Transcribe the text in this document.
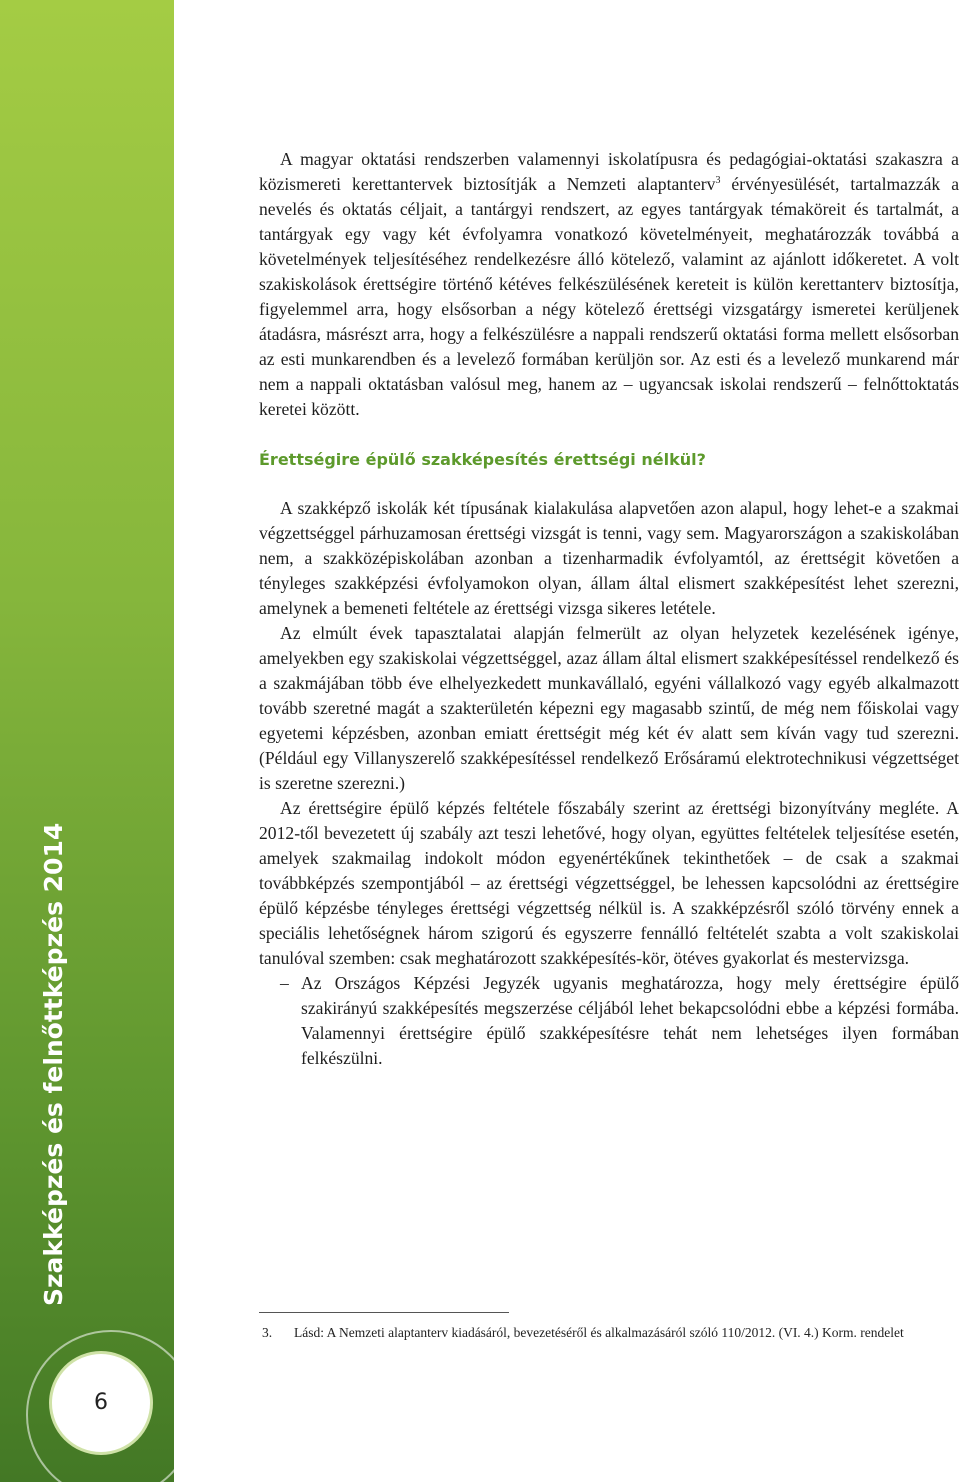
Szakképzés és felnőttképzés 2014
6

A magyar oktatási rendszerben valamennyi iskolatípusra és pedagógiai-oktatási szakaszra a közismereti kerettantervek biztosítják a Nemzeti alaptanterv$^3$ érvényesülését, tartalmazzák a nevelés és oktatás céljait, a tantárgyi rendszert, az egyes tantárgyak témaköreit és tartalmát, a tantárgyak egy vagy két évfolyamra vonatkozó követelményeit, meghatározzák továbbá a követelmények teljesítéséhez rendelkezésre álló kötelező, valamint az ajánlott időkeretet. A volt szakiskolások érettségire történő kétéves felkészülésének kereteit is külön kerettanterv biztosítja, figyelemmel arra, hogy elsősorban a négy kötelező érettségi vizsgatárgy ismeretei kerüljenek átadásra, másrészt arra, hogy a felkészülésre a nappali rendszerű oktatási forma mellett elsősorban az esti munkarendben és a levelező formában kerüljön sor. Az esti és a levelező munkarend már nem a nappali oktatásban valósul meg, hanem az – ugyancsak iskolai rendszerű – felnőttoktatás keretei között.

Érettségire épülő szakképesítés érettségi nélkül?

A szakképző iskolák két típusának kialakulása alapvetően azon alapul, hogy lehet-e a szakmai végzettséggel párhuzamosan érettségi vizsgát is tenni, vagy sem. Magyarországon a szakiskolában nem, a szakközépiskolában azonban a tizenharmadik évfolyamtól, az érettségit követően a tényleges szakképzési évfolyamokon olyan, állam által elismert szakképesítést lehet szerezni, amelynek a bemeneti feltétele az érettségi vizsga sikeres letétele.

Az elmúlt évek tapasztalatai alapján felmerült az olyan helyzetek kezelésének igénye, amelyekben egy szakiskolai végzettséggel, azaz állam által elismert szakképesítéssel rendelkező és a szakmájában több éve elhelyezkedett munkavállaló, egyéni vállalkozó vagy egyéb alkalmazott tovább szeretné magát a szakterületén képezni egy magasabb szintű, de még nem főiskolai vagy egyetemi képzésben, azonban emiatt érettségit még két év alatt sem kíván vagy tud szerezni. (Például egy Villanyszerelő szakképesítéssel rendelkező Erősáramú elektrotechnikusi végzettséget is szeretne szerezni.)

Az érettségire épülő képzés feltétele főszabály szerint az érettségi bizonyítvány megléte. A 2012-től bevezetett új szabály azt teszi lehetővé, hogy olyan, együttes feltételek teljesítése esetén, amelyek szakmailag indokolt módon egyenértékűnek tekinthetőek – de csak a szakmai továbbképzés szempontjából – az érettségi végzettséggel, be lehessen kapcsolódni az érettségire épülő képzésbe tényleges érettségi végzettség nélkül is. A szakképzésről szóló törvény ennek a speciális lehetőségnek három szigorú és egyszerre fennálló feltételét szabta a volt szakiskolai tanulóval szemben: csak meghatározott szakképesítés-kör, ötéves gyakorlat és mestervizsga.

– Az Országos Képzési Jegyzék ugyanis meghatározza, hogy mely érettségire épülő szakirányú szakképesítés megszerzése céljából lehet bekapcsolódni ebbe a képzési formába. Valamennyi érettségire épülő szakképesítésre tehát nem lehetséges ilyen formában felkészülni.
3.	Lásd: A Nemzeti alaptanterv kiadásáról, bevezetéséről és alkalmazásáról szóló 110/2012. (VI. 4.) Korm. rendelet
